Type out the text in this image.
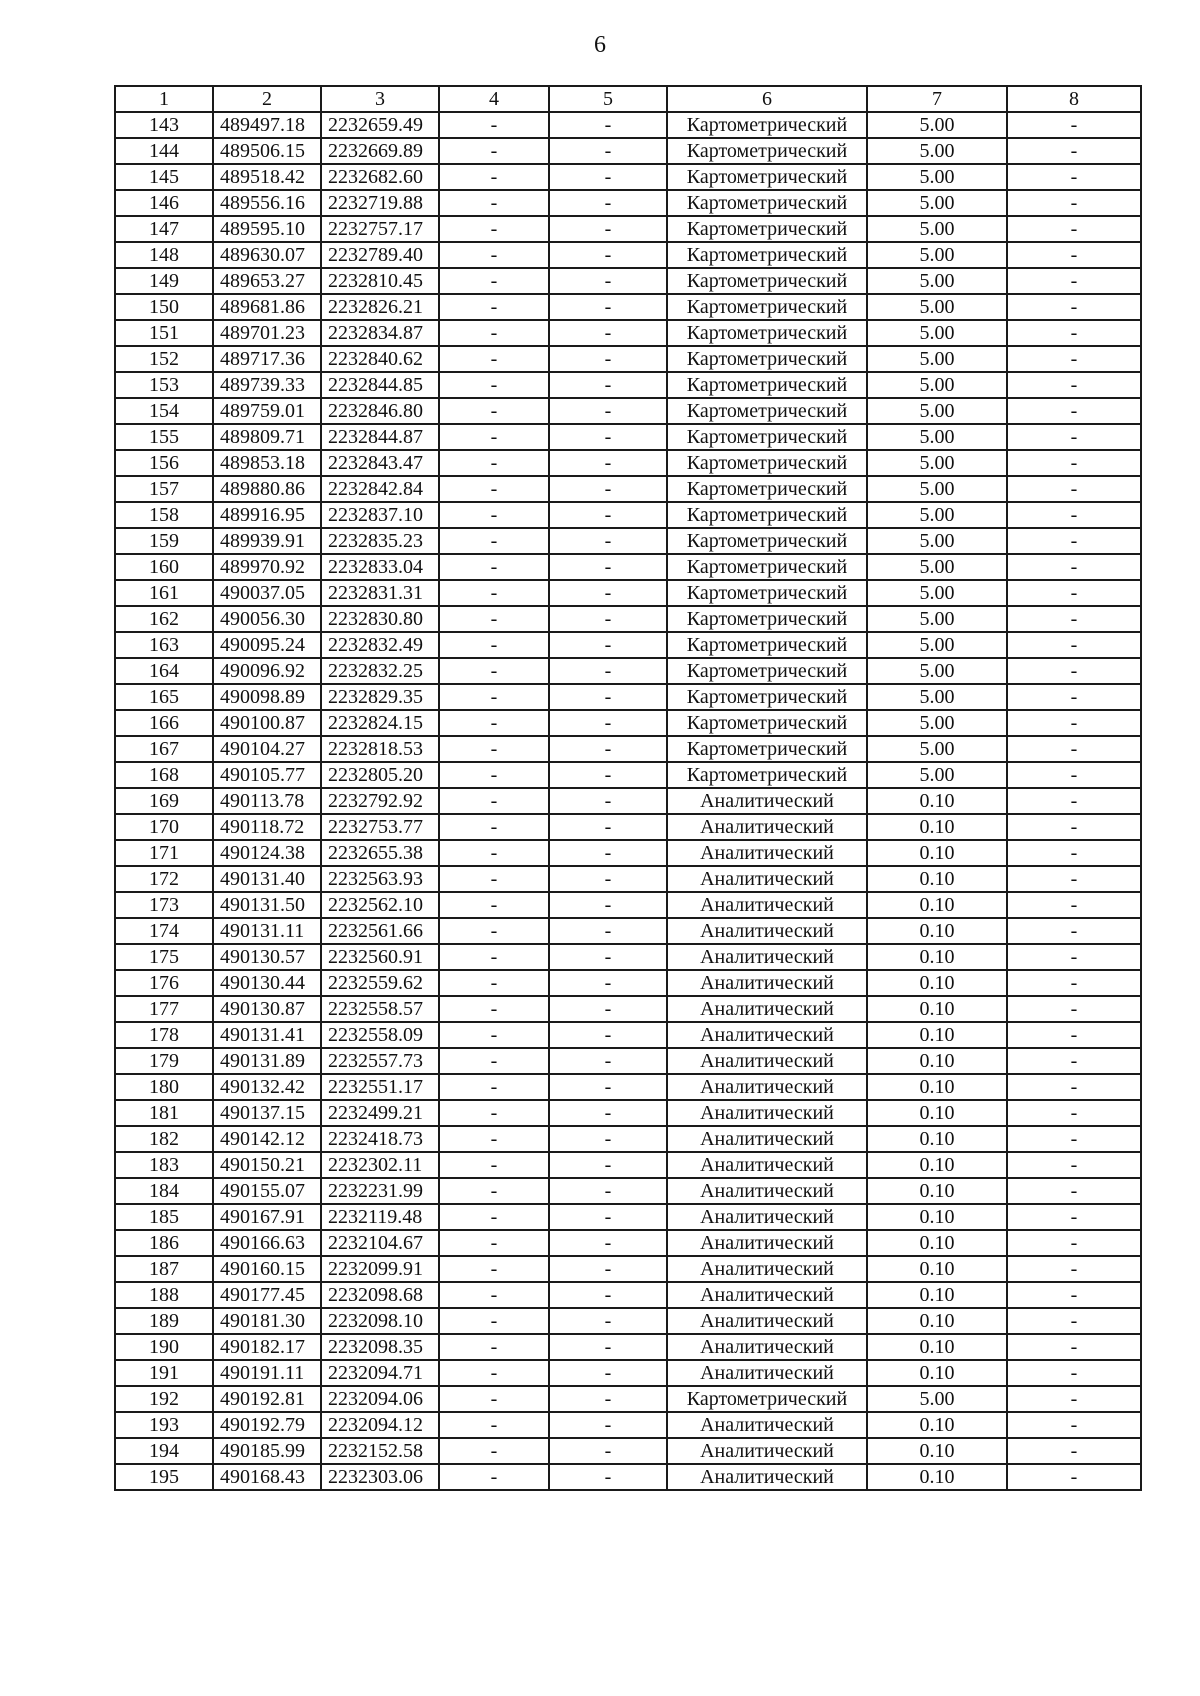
6
1	2	3	4	5	6	7	8
143	489497.18	2232659.49	-	-	Картометрический	5.00	-
144	489506.15	2232669.89	-	-	Картометрический	5.00	-
145	489518.42	2232682.60	-	-	Картометрический	5.00	-
146	489556.16	2232719.88	-	-	Картометрический	5.00	-
147	489595.10	2232757.17	-	-	Картометрический	5.00	-
148	489630.07	2232789.40	-	-	Картометрический	5.00	-
149	489653.27	2232810.45	-	-	Картометрический	5.00	-
150	489681.86	2232826.21	-	-	Картометрический	5.00	-
151	489701.23	2232834.87	-	-	Картометрический	5.00	-
152	489717.36	2232840.62	-	-	Картометрический	5.00	-
153	489739.33	2232844.85	-	-	Картометрический	5.00	-
154	489759.01	2232846.80	-	-	Картометрический	5.00	-
155	489809.71	2232844.87	-	-	Картометрический	5.00	-
156	489853.18	2232843.47	-	-	Картометрический	5.00	-
157	489880.86	2232842.84	-	-	Картометрический	5.00	-
158	489916.95	2232837.10	-	-	Картометрический	5.00	-
159	489939.91	2232835.23	-	-	Картометрический	5.00	-
160	489970.92	2232833.04	-	-	Картометрический	5.00	-
161	490037.05	2232831.31	-	-	Картометрический	5.00	-
162	490056.30	2232830.80	-	-	Картометрический	5.00	-
163	490095.24	2232832.49	-	-	Картометрический	5.00	-
164	490096.92	2232832.25	-	-	Картометрический	5.00	-
165	490098.89	2232829.35	-	-	Картометрический	5.00	-
166	490100.87	2232824.15	-	-	Картометрический	5.00	-
167	490104.27	2232818.53	-	-	Картометрический	5.00	-
168	490105.77	2232805.20	-	-	Картометрический	5.00	-
169	490113.78	2232792.92	-	-	Аналитический	0.10	-
170	490118.72	2232753.77	-	-	Аналитический	0.10	-
171	490124.38	2232655.38	-	-	Аналитический	0.10	-
172	490131.40	2232563.93	-	-	Аналитический	0.10	-
173	490131.50	2232562.10	-	-	Аналитический	0.10	-
174	490131.11	2232561.66	-	-	Аналитический	0.10	-
175	490130.57	2232560.91	-	-	Аналитический	0.10	-
176	490130.44	2232559.62	-	-	Аналитический	0.10	-
177	490130.87	2232558.57	-	-	Аналитический	0.10	-
178	490131.41	2232558.09	-	-	Аналитический	0.10	-
179	490131.89	2232557.73	-	-	Аналитический	0.10	-
180	490132.42	2232551.17	-	-	Аналитический	0.10	-
181	490137.15	2232499.21	-	-	Аналитический	0.10	-
182	490142.12	2232418.73	-	-	Аналитический	0.10	-
183	490150.21	2232302.11	-	-	Аналитический	0.10	-
184	490155.07	2232231.99	-	-	Аналитический	0.10	-
185	490167.91	2232119.48	-	-	Аналитический	0.10	-
186	490166.63	2232104.67	-	-	Аналитический	0.10	-
187	490160.15	2232099.91	-	-	Аналитический	0.10	-
188	490177.45	2232098.68	-	-	Аналитический	0.10	-
189	490181.30	2232098.10	-	-	Аналитический	0.10	-
190	490182.17	2232098.35	-	-	Аналитический	0.10	-
191	490191.11	2232094.71	-	-	Аналитический	0.10	-
192	490192.81	2232094.06	-	-	Картометрический	5.00	-
193	490192.79	2232094.12	-	-	Аналитический	0.10	-
194	490185.99	2232152.58	-	-	Аналитический	0.10	-
195	490168.43	2232303.06	-	-	Аналитический	0.10	-
